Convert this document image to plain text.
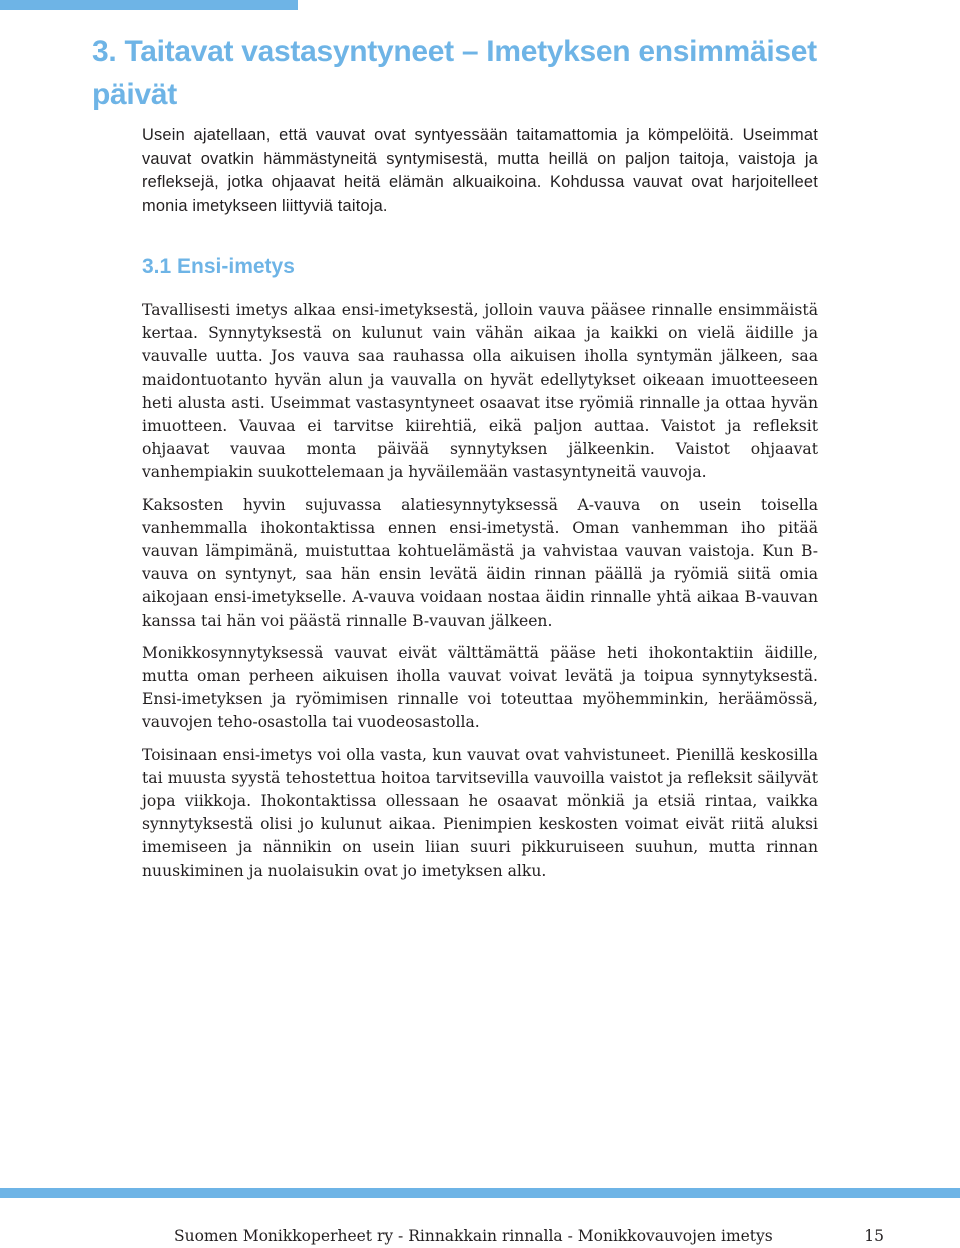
3. Taitavat vastasyntyneet – Imetyksen ensimmäiset päivät

Usein ajatellaan, että vauvat ovat syntyessään taitamattomia ja kömpelöitä. Useimmat vauvat ovatkin hämmästyneitä syntymisestä, mutta heillä on paljon taitoja, vaistoja ja refleksejä, jotka ohjaavat heitä elämän alkuaikoina. Kohdussa vauvat ovat harjoitelleet monia imetykseen liittyviä taitoja.

3.1 Ensi-imetys

Tavallisesti imetys alkaa ensi-imetyksestä, jolloin vauva pääsee rinnalle ensimmäistä kertaa. Synnytyksestä on kulunut vain vähän aikaa ja kaikki on vielä äidille ja vauvalle uutta. Jos vauva saa rauhassa olla aikuisen iholla syntymän jälkeen, saa maidontuotanto hyvän alun ja vauvalla on hyvät edellytykset oikeaan imuotteeseen heti alusta asti. Useimmat vastasyntyneet osaavat itse ryömiä rinnalle ja ottaa hyvän imuotteen. Vauvaa ei tarvitse kiirehtiä, eikä paljon auttaa. Vaistot ja refleksit ohjaavat vauvaa monta päivää synnytyksen jälkeenkin. Vaistot ohjaavat vanhempiakin suukottelemaan ja hyväilemään vastasyntyneitä vauvoja.

Kaksosten hyvin sujuvassa alatiesynnytyksessä A-vauva on usein toisella vanhemmalla ihokontaktissa ennen ensi-imetystä. Oman vanhemman iho pitää vauvan lämpimänä, muistuttaa kohtuelämästä ja vahvistaa vauvan vaistoja. Kun B-vauva on syntynyt, saa hän ensin levätä äidin rinnan päällä ja ryömiä siitä omia aikojaan ensi-imetykselle. A-vauva voidaan nostaa äidin rinnalle yhtä aikaa B-vauvan kanssa tai hän voi päästä rinnalle B-vauvan jälkeen.

Monikkosynnytyksessä vauvat eivät välttämättä pääse heti ihokontaktiin äidille, mutta oman perheen aikuisen iholla vauvat voivat levätä ja toipua synnytyksestä. Ensi-imetyksen ja ryömimisen rinnalle voi toteuttaa myöhemminkin, heräämössä, vauvojen teho-osastolla tai vuodeosastolla.

Toisinaan ensi-imetys voi olla vasta, kun vauvat ovat vahvistuneet. Pienillä keskosilla tai muusta syystä tehostettua hoitoa tarvitsevilla vauvoilla vaistot ja refleksit säilyvät jopa viikkoja. Ihokontaktissa ollessaan he osaavat mönkiä ja etsiä rintaa, vaikka synnytyksestä olisi jo kulunut aikaa. Pienimpien keskosten voimat eivät riitä aluksi imemiseen ja nännikin on usein liian suuri pikkuruiseen suuhun, mutta rinnan nuuskiminen ja nuolaisukin ovat jo imetyksen alku.

Suomen Monikkoperheet ry - Rinnakkain rinnalla - Monikkovauvojen imetys	15
